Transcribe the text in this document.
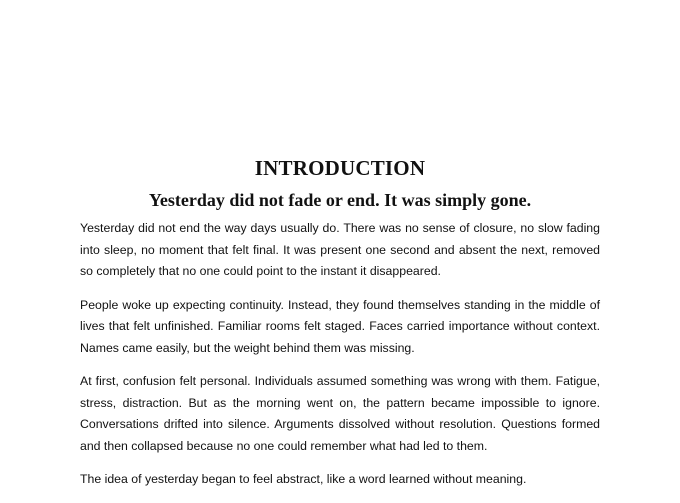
INTRODUCTION
Yesterday did not fade or end. It was simply gone.

Yesterday did not end the way days usually do. There was no sense of closure, no slow fading into sleep, no moment that felt final. It was present one second and absent the next, removed so completely that no one could point to the instant it disappeared.

People woke up expecting continuity. Instead, they found themselves standing in the middle of lives that felt unfinished. Familiar rooms felt staged. Faces carried importance without context. Names came easily, but the weight behind them was missing.

At first, confusion felt personal. Individuals assumed something was wrong with them. Fatigue, stress, distraction. But as the morning went on, the pattern became impossible to ignore. Conversations drifted into silence. Arguments dissolved without resolution. Questions formed and then collapsed because no one could remember what had led to them.

The idea of yesterday began to feel abstract, like a word learned without meaning.
